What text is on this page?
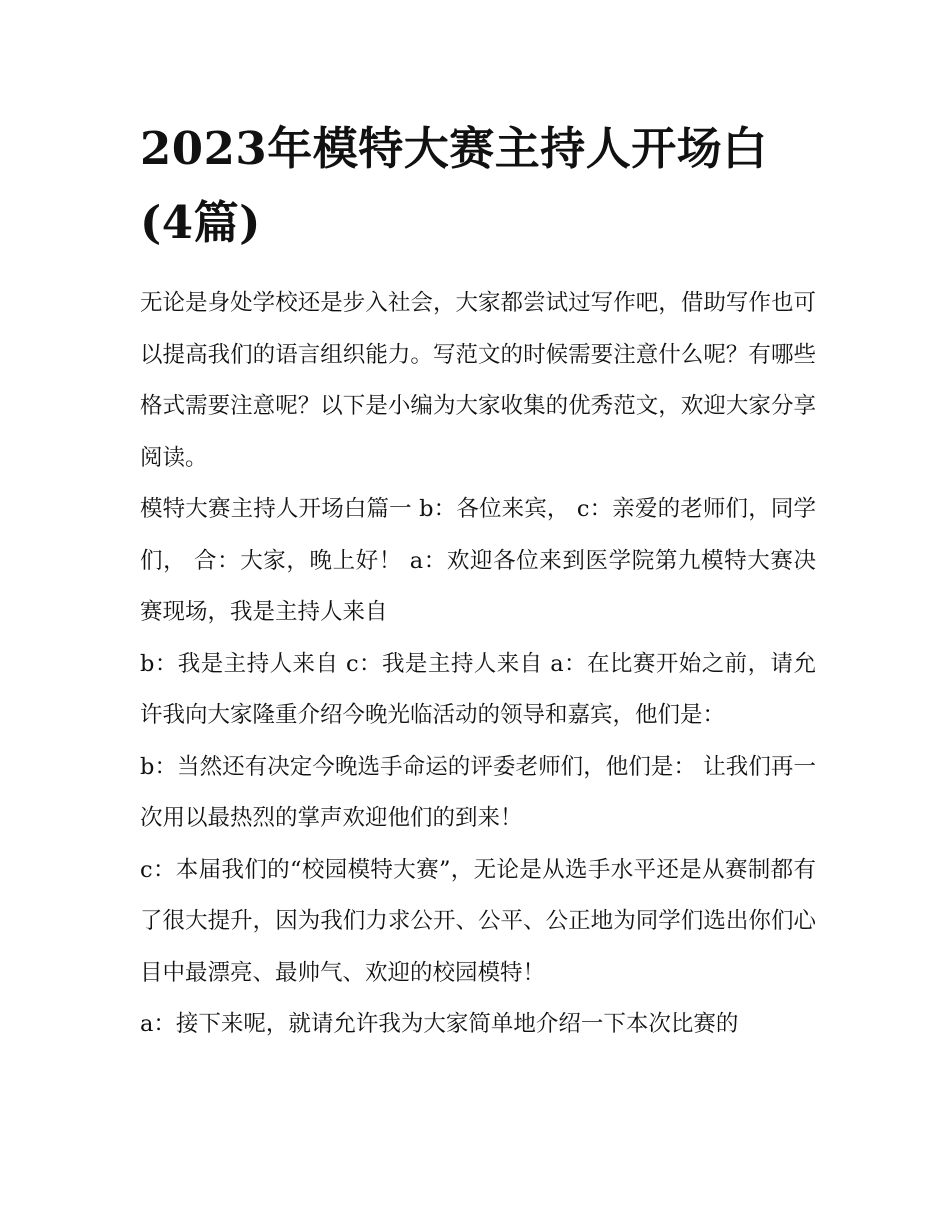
2023年模特大赛主持人开场白(4篇)

无论是身处学校还是步入社会，大家都尝试过写作吧，借助写作也可以提高我们的语言组织能力。写范文的时候需要注意什么呢？有哪些格式需要注意呢？以下是小编为大家收集的优秀范文，欢迎大家分享阅读。

模特大赛主持人开场白篇一 b：各位来宾， c：亲爱的老师们，同学们， 合：大家，晚上好！ a：欢迎各位来到医学院第九模特大赛决赛现场，我是主持人来自

b：我是主持人来自 c：我是主持人来自 a：在比赛开始之前，请允许我向大家隆重介绍今晚光临活动的领导和嘉宾，他们是：

b：当然还有决定今晚选手命运的评委老师们，他们是： 让我们再一次用以最热烈的掌声欢迎他们的到来！

c：本届我们的“校园模特大赛”，无论是从选手水平还是从赛制都有了很大提升，因为我们力求公开、公平、公正地为同学们选出你们心目中最漂亮、最帅气、欢迎的校园模特！

a：接下来呢，就请允许我为大家简单地介绍一下本次比赛的
